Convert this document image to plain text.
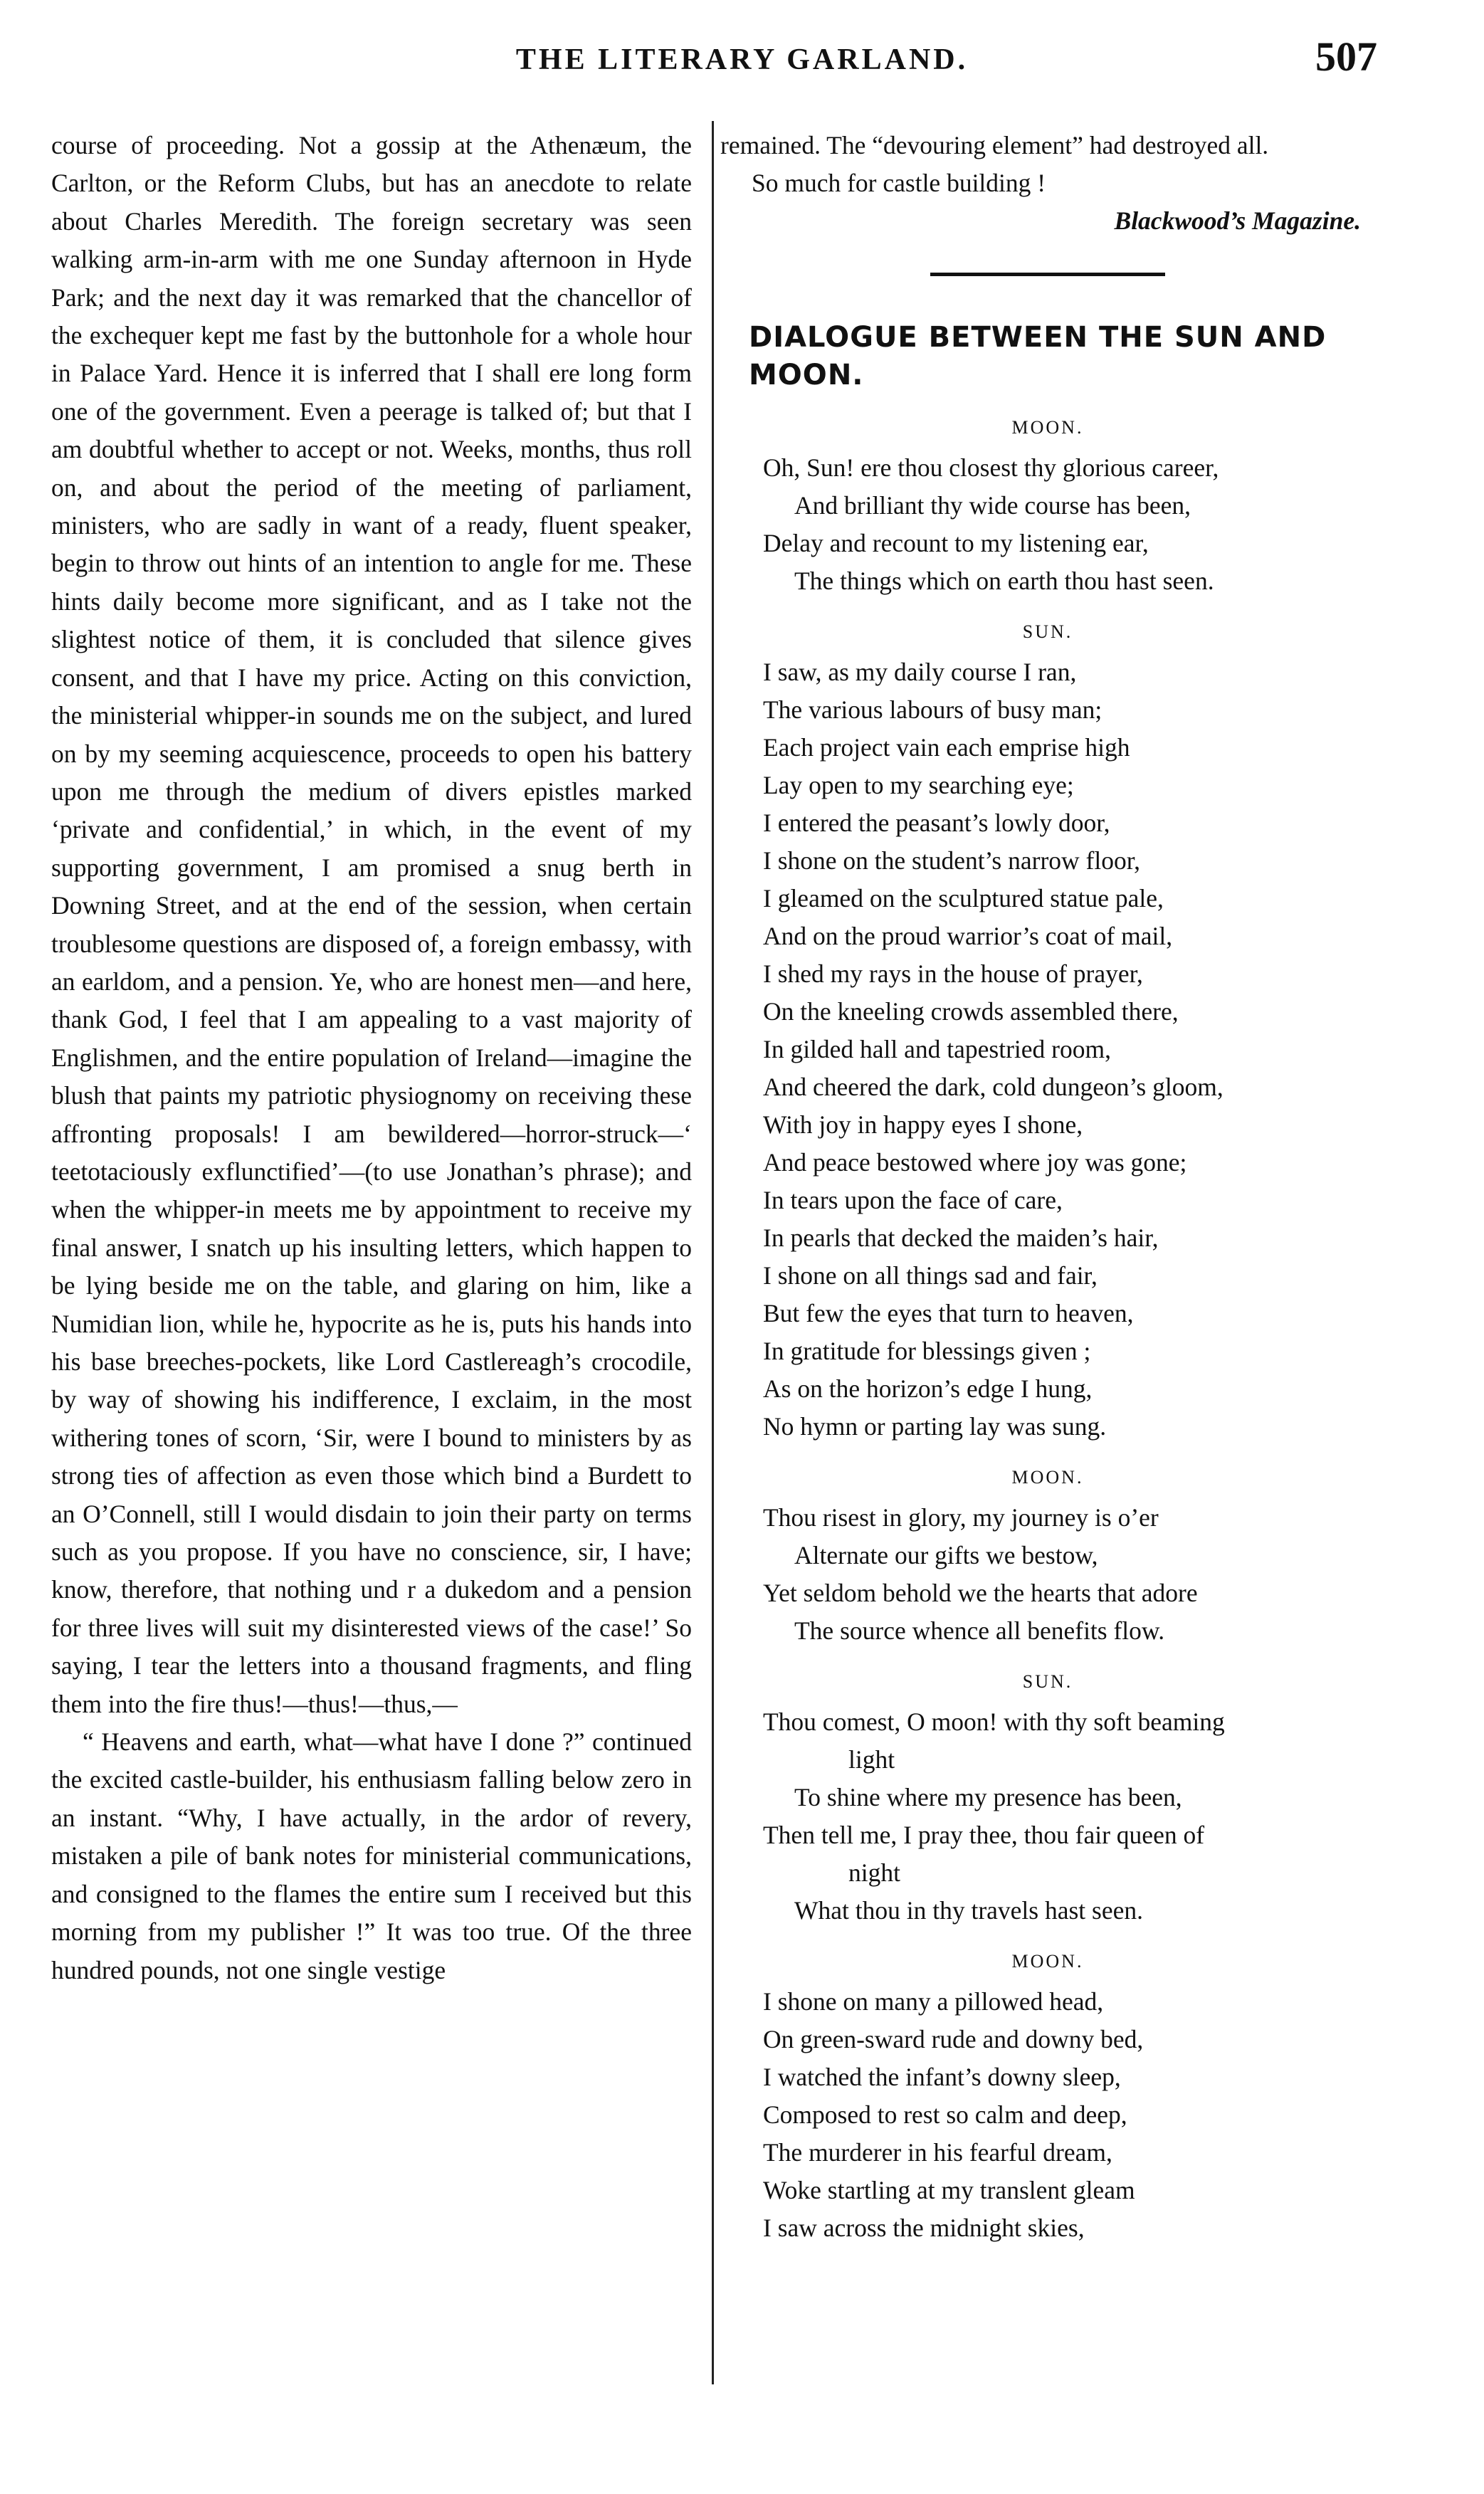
THE LITERARY GARLAND.	507

course of proceeding. Not a gossip at the Athenæum, the Carlton, or the Reform Clubs, but has an anecdote to relate about Charles Meredith. The foreign secretary was seen walking arm-in-arm with me one Sunday afternoon in Hyde Park; and the next day it was remarked that the chancellor of the exchequer kept me fast by the buttonhole for a whole hour in Palace Yard. Hence it is inferred that I shall ere long form one of the government. Even a peerage is talked of; but that I am doubtful whether to accept or not. Weeks, months, thus roll on, and about the period of the meeting of parliament, ministers, who are sadly in want of a ready, fluent speaker, begin to throw out hints of an intention to angle for me. These hints daily become more significant, and as I take not the slightest notice of them, it is concluded that silence gives consent, and that I have my price. Acting on this conviction, the ministerial whipper-in sounds me on the subject, and lured on by my seeming acquiescence, proceeds to open his battery upon me through the medium of divers epistles marked ‘private and confidential,’ in which, in the event of my supporting government, I am promised a snug berth in Downing Street, and at the end of the session, when certain troublesome questions are disposed of, a foreign embassy, with an earldom, and a pension. Ye, who are honest men—and here, thank God, I feel that I am appealing to a vast majority of Englishmen, and the entire population of Ireland—imagine the blush that paints my patriotic physiognomy on receiving these affronting proposals! I am bewildered—horror-struck—‘ teetotaciously exflunctified’—(to use Jonathan’s phrase); and when the whipper-in meets me by appointment to receive my final answer, I snatch up his insulting letters, which happen to be lying beside me on the table, and glaring on him, like a Numidian lion, while he, hypocrite as he is, puts his hands into his base breeches-pockets, like Lord Castlereagh’s crocodile, by way of showing his indifference, I exclaim, in the most withering tones of scorn, ‘Sir, were I bound to ministers by as strong ties of affection as even those which bind a Burdett to an O’Connell, still I would disdain to join their party on terms such as you propose. If you have no conscience, sir, I have; know, therefore, that nothing und r a dukedom and a pension for three lives will suit my disinterested views of the case!’ So saying, I tear the letters into a thousand fragments, and fling them into the fire thus!—thus!—thus,—

“ Heavens and earth, what—what have I done ?” continued the excited castle-builder, his enthusiasm falling below zero in an instant. “Why, I have actually, in the ardor of revery, mistaken a pile of bank notes for ministerial communications, and consigned to the flames the entire sum I received but this morning from my publisher !” It was too true. Of the three hundred pounds, not one single vestige

remained. The “devouring element” had destroyed all.

So much for castle building !

Blackwood’s Magazine.

DIALOGUE BETWEEN THE SUN AND MOON.
MOON.
Oh, Sun! ere thou closest thy glorious career,
And brilliant thy wide course has been,
Delay and recount to my listening ear,
The things which on earth thou hast seen.
SUN.
I saw, as my daily course I ran,
The various labours of busy man;
Each project vain each emprise high
Lay open to my searching eye;
I entered the peasant’s lowly door,
I shone on the student’s narrow floor,
I gleamed on the sculptured statue pale,
And on the proud warrior’s coat of mail,
I shed my rays in the house of prayer,
On the kneeling crowds assembled there,
In gilded hall and tapestried room,
And cheered the dark, cold dungeon’s gloom,
With joy in happy eyes I shone,
And peace bestowed where joy was gone;
In tears upon the face of care,
In pearls that decked the maiden’s hair,
I shone on all things sad and fair,
But few the eyes that turn to heaven,
In gratitude for blessings given ;
As on the horizon’s edge I hung,
No hymn or parting lay was sung.
MOON.
Thou risest in glory, my journey is o’er
Alternate our gifts we bestow,
Yet seldom behold we the hearts that adore
The source whence all benefits flow.
SUN.
Thou comest, O moon! with thy soft beaming
light
To shine where my presence has been,
Then tell me, I pray thee, thou fair queen of
night
What thou in thy travels hast seen.
MOON.
I shone on many a pillowed head,
On green-sward rude and downy bed,
I watched the infant’s downy sleep,
Composed to rest so calm and deep,
The murderer in his fearful dream,
Woke startling at my translent gleam
I saw across the midnight skies,
